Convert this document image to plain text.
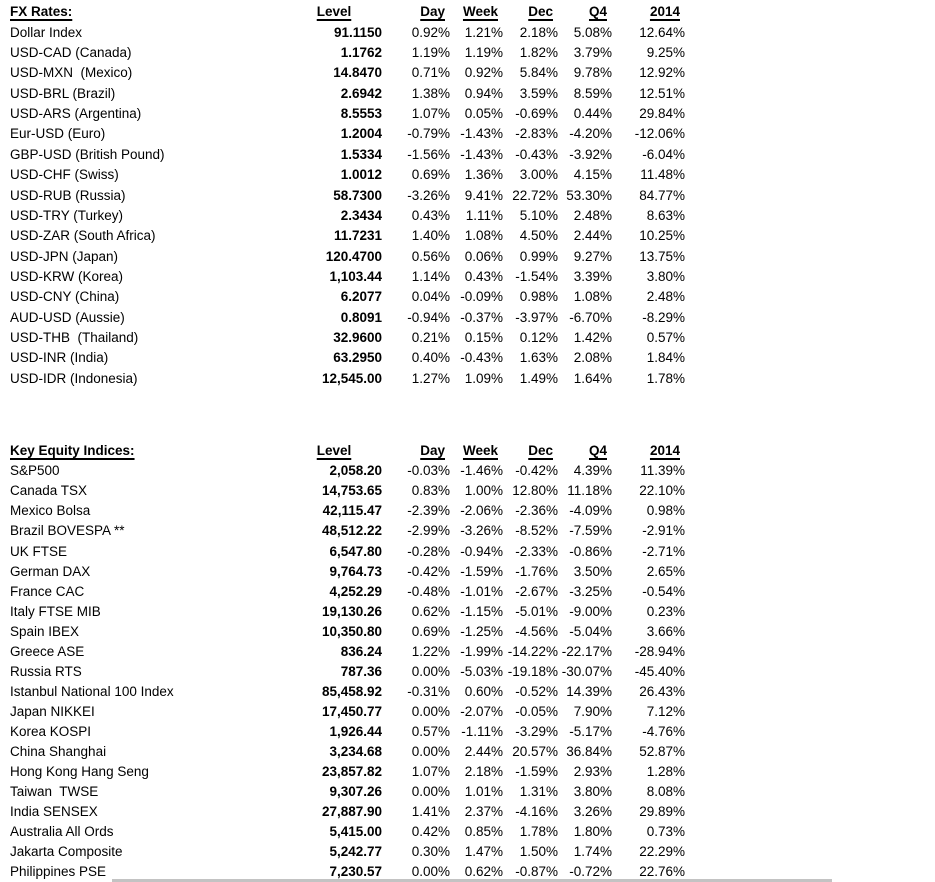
FX Rates:	Level	Day	Week	Dec	Q4	2014
Dollar Index	91.1150	0.92%	1.21%	2.18%	5.08%	12.64%
USD-CAD (Canada)	1.1762	1.19%	1.19%	1.82%	3.79%	9.25%
USD-MXN  (Mexico)	14.8470	0.71%	0.92%	5.84%	9.78%	12.92%
USD-BRL (Brazil)	2.6942	1.38%	0.94%	3.59%	8.59%	12.51%
USD-ARS (Argentina)	8.5553	1.07%	0.05% -0.69%	0.44%	29.84%
Eur-USD (Euro)	1.2004	-0.79% -1.43% -2.83% -4.20%	-12.06%
GBP-USD (British Pound)	1.5334	-1.56% -1.43% -0.43% -3.92%	-6.04%
USD-CHF (Swiss)	1.0012	0.69%	1.36%	3.00%	4.15%	11.48%
USD-RUB (Russia)	58.7300	-3.26%	9.41% 22.72% 53.30%	84.77%
USD-TRY (Turkey)	2.3434	0.43%	1.11%	5.10%	2.48%	8.63%
USD-ZAR (South Africa)	11.7231	1.40%	1.08%	4.50%	2.44%	10.25%
USD-JPN (Japan)	120.4700	0.56%	0.06%	0.99%	9.27%	13.75%
USD-KRW (Korea)	1,103.44	1.14%	0.43% -1.54%	3.39%	3.80%
USD-CNY (China)	6.2077	0.04% -0.09%	0.98%	1.08%	2.48%
AUD-USD (Aussie)	0.8091	-0.94% -0.37% -3.97% -6.70%	-8.29%
USD-THB  (Thailand)	32.9600	0.21%	0.15%	0.12%	1.42%	0.57%
USD-INR (India)	63.2950	0.40% -0.43%	1.63%	2.08%	1.84%
USD-IDR (Indonesia)	12,545.00	1.27%	1.09%	1.49%	1.64%	1.78%
Key Equity Indices:	Level	Day	Week	Dec	Q4	2014
S&P500	2,058.20	-0.03% -1.46% -0.42%	4.39%	11.39%
Canada TSX	14,753.65	0.83%	1.00% 12.80% 11.18%	22.10%
Mexico Bolsa	42,115.47	-2.39% -2.06% -2.36% -4.09%	0.98%
Brazil BOVESPA **	48,512.22	-2.99% -3.26% -8.52% -7.59%	-2.91%
UK FTSE	6,547.80	-0.28% -0.94% -2.33% -0.86%	-2.71%
German DAX	9,764.73	-0.42% -1.59% -1.76%	3.50%	2.65%
France CAC	4,252.29	-0.48% -1.01% -2.67% -3.25%	-0.54%
Italy FTSE MIB	19,130.26	0.62% -1.15% -5.01% -9.00%	0.23%
Spain IBEX	10,350.80	0.69% -1.25% -4.56% -5.04%	3.66%
Greece ASE	836.24	1.22% -1.99% -14.22% -22.17%	-28.94%
Russia RTS	787.36	0.00% -5.03% -19.18% -30.07%	-45.40%
Istanbul National 100 Index	85,458.92	-0.31%	0.60% -0.52% 14.39%	26.43%
Japan NIKKEI	17,450.77	0.00% -2.07% -0.05%	7.90%	7.12%
Korea KOSPI	1,926.44	0.57% -1.11% -3.29% -5.17%	-4.76%
China Shanghai	3,234.68	0.00%	2.44% 20.57% 36.84%	52.87%
Hong Kong Hang Seng	23,857.82	1.07%	2.18% -1.59%	2.93%	1.28%
Taiwan  TWSE	9,307.26	0.00%	1.01%	1.31%	3.80%	8.08%
India SENSEX	27,887.90	1.41%	2.37% -4.16%	3.26%	29.89%
Australia All Ords	5,415.00	0.42%	0.85%	1.78%	1.80%	0.73%
Jakarta Composite	5,242.77	0.30%	1.47%	1.50%	1.74%	22.29%
Philippines PSE	7,230.57	0.00%	0.62% -0.87% -0.72%	22.76%
